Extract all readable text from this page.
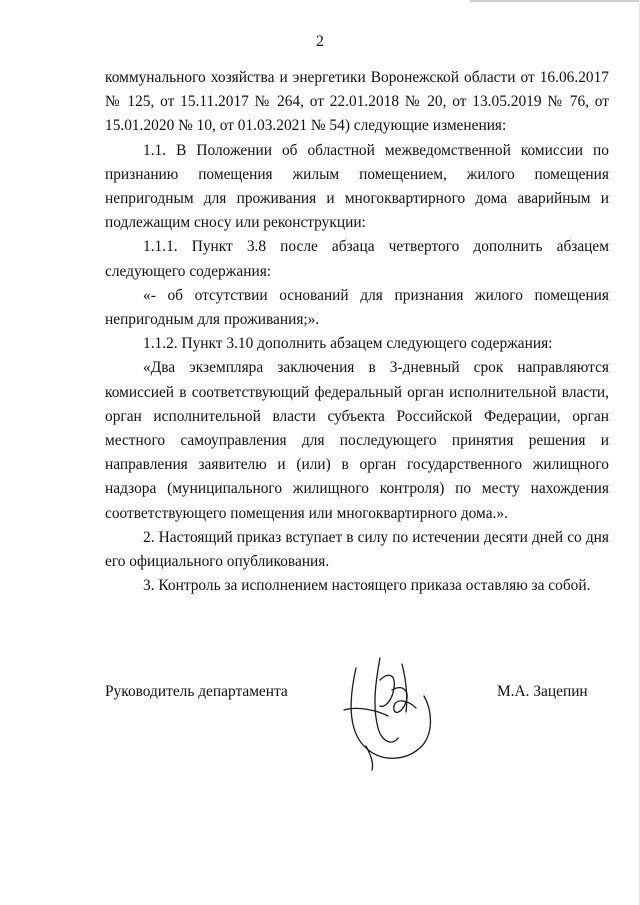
2

коммунального хозяйства и энергетики Воронежской области от 16.06.2017 № 125, от 15.11.2017 № 264, от 22.01.2018 № 20, от 13.05.2019 № 76, от 15.01.2020 № 10, от 01.03.2021 № 54) следующие изменения:

1.1. В Положении об областной межведомственной комиссии по признанию помещения жилым помещением, жилого помещения непригодным для проживания и многоквартирного дома аварийным и подлежащим сносу или реконструкции:

1.1.1. Пункт 3.8 после абзаца четвертого дополнить абзацем следующего содержания:

«- об отсутствии оснований для признания жилого помещения непригодным для проживания;».

1.1.2. Пункт 3.10 дополнить абзацем следующего содержания:

«Два экземпляра заключения в 3-дневный срок направляются комиссией в соответствующий федеральный орган исполнительной власти, орган исполнительной власти субъекта Российской Федерации, орган местного самоуправления для последующего принятия решения и направления заявителю и (или) в орган государственного жилищного надзора (муниципального жилищного контроля) по месту нахождения соответствующего помещения или многоквартирного дома.».

2. Настоящий приказ вступает в силу по истечении десяти дней со дня его официального опубликования.

3. Контроль за исполнением настоящего приказа оставляю за собой.

Руководитель департамента	М.А. Зацепин
